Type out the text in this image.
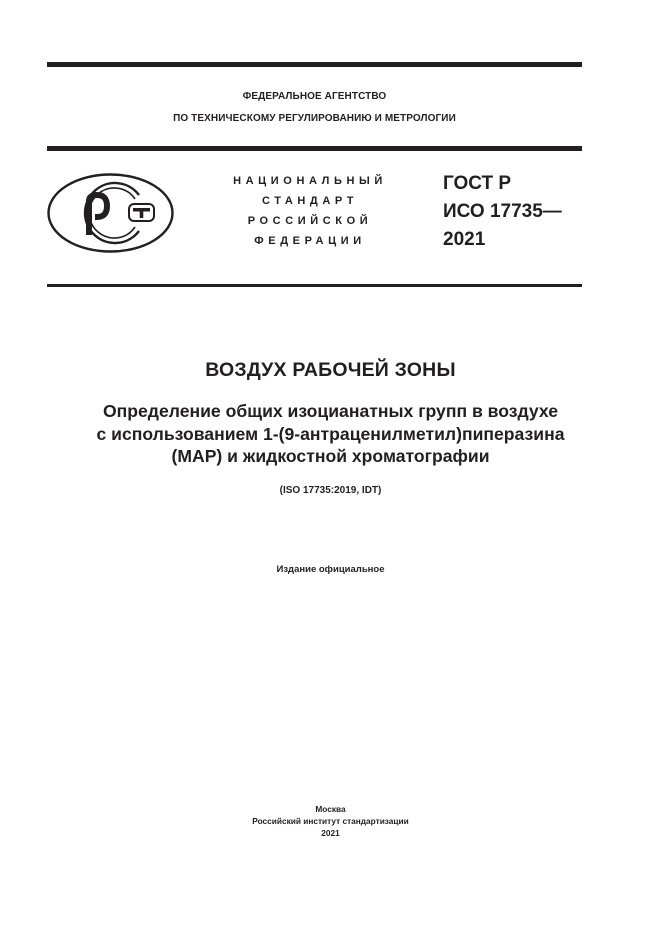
ФЕДЕРАЛЬНОЕ АГЕНТСТВО
ПО ТЕХНИЧЕСКОМУ РЕГУЛИРОВАНИЮ И МЕТРОЛОГИИ
НАЦИОНАЛЬНЫЙ
СТАНДАРТ
РОССИЙСКОЙ
ФЕДЕРАЦИИ
ГОСТ Р
ИСО 17735—
2021
ВОЗДУХ РАБОЧЕЙ ЗОНЫ
Определение общих изоцианатных групп в воздухе
с использованием 1-(9-антраценилметил)пиперазина
(MAP) и жидкостной хроматографии
(ISO 17735:2019, IDT)
Издание официальное
Москва
Российский институт стандартизации
2021
